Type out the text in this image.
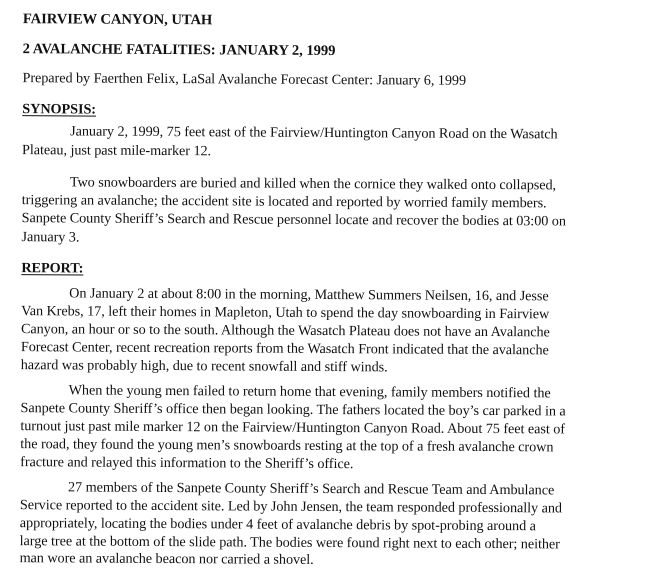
FAIRVIEW CANYON, UTAH
2 AVALANCHE FATALITIES: JANUARY 2, 1999
Prepared by Faerthen Felix, LaSal Avalanche Forecast Center: January 6, 1999
SYNOPSIS:
January 2, 1999, 75 feet east of the Fairview/Huntington Canyon Road on the Wasatch
Plateau, just past mile-marker 12.
Two snowboarders are buried and killed when the cornice they walked onto collapsed,
triggering an avalanche; the accident site is located and reported by worried family members.
Sanpete County Sheriff’s Search and Rescue personnel locate and recover the bodies at 03:00 on
January 3.
REPORT:
On January 2 at about 8:00 in the morning, Matthew Summers Neilsen, 16, and Jesse
Van Krebs, 17, left their homes in Mapleton, Utah to spend the day snowboarding in Fairview
Canyon, an hour or so to the south. Although the Wasatch Plateau does not have an Avalanche
Forecast Center, recent recreation reports from the Wasatch Front indicated that the avalanche
hazard was probably high, due to recent snowfall and stiff winds.
When the young men failed to return home that evening, family members notified the
Sanpete County Sheriff’s office then began looking. The fathers located the boy’s car parked in a
turnout just past mile marker 12 on the Fairview/Huntington Canyon Road. About 75 feet east of
the road, they found the young men’s snowboards resting at the top of a fresh avalanche crown
fracture and relayed this information to the Sheriff’s office.
27 members of the Sanpete County Sheriff’s Search and Rescue Team and Ambulance
Service reported to the accident site. Led by John Jensen, the team responded professionally and
appropriately, locating the bodies under 4 feet of avalanche debris by spot-probing around a
large tree at the bottom of the slide path. The bodies were found right next to each other; neither
man wore an avalanche beacon nor carried a shovel.
